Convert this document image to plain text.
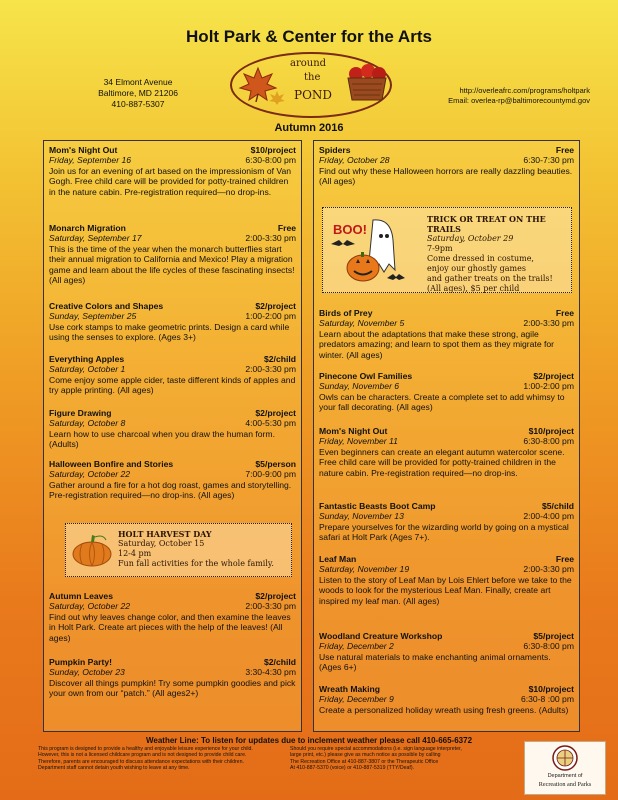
Holt Park & Center for the Arts
34 Elmont Avenue
Baltimore, MD 21206
410-887-5307
around
the
POND	http://overleafrc.com/programs/holtpark
Email: overlea-rp@baltimorecountymd.gov
Autumn 2016
Mom's Night Out	$10/project
Friday, September 16	6:30-8:00 pm
Join us for an evening of art based on the impressionism of Van Gogh. Free child care will be provided for potty-trained children in the nature cabin. Pre-registration required—no drop-ins.
Monarch Migration	Free
Saturday, September 17	2:00-3:30 pm
This is the time of the year when the monarch butterflies start their annual migration to California and Mexico! Play a migration game and learn about the life cycles of these fascinating insects! (All ages)
Creative Colors and Shapes	$2/project
Sunday, September 25	1:00-2:00 pm
Use cork stamps to make geometric prints. Design a card while using the senses to explore. (Ages 3+)
Everything Apples	$2/child
Saturday, October 1	2:00-3:30 pm
Come enjoy some apple cider, taste different kinds of apples and try apple printing. (All ages)
Figure Drawing	$2/project
Saturday, October 8	4:00-5:30 pm
Learn how to use charcoal when you draw the human form. (Adults)
Halloween Bonfire and Stories	$5/person
Saturday, October 22	7:00-9:00 pm
Gather around a fire for a hot dog roast, games and storytelling. Pre-registration required—no drop-ins. (All ages)
HOLT HARVEST DAY
Saturday, October 15
12-4 pm
Fun fall activities for the whole family.
Autumn Leaves	$2/project
Saturday, October 22	2:00-3:30 pm
Find out why leaves change color, and then examine the leaves in Holt Park. Create art pieces with the help of the leaves! (All ages)
Pumpkin Party!	$2/child
Sunday, October 23	3:30-4:30 pm
Discover all things pumpkin! Try some pumpkin goodies and pick your own from our “patch.” (All ages2+)
Spiders	Free
Friday, October 28	6:30-7:30 pm
Find out why these Halloween horrors are really dazzling beauties. (All ages)
BOO!
TRICK OR TREAT ON THE TRAILS
Saturday, October 29
7-9pm
Come dressed in costume,
enjoy our ghostly games
and gather treats on the trails!
(All ages), $5 per child
Birds of Prey	Free
Saturday, November 5	2:00-3:30 pm
Learn about the adaptations that make these strong, agile predators amazing; and learn to spot them as they migrate for winter. (All ages)
Pinecone Owl Families	$2/project
Sunday, November 6	1:00-2:00 pm
Owls can be characters. Create a complete set to add whimsy to your fall decorating. (All ages)
Mom's Night Out	$10/project
Friday, November 11	6:30-8:00 pm
Even beginners can create an elegant autumn watercolor scene. Free child care will be provided for potty-trained children in the nature cabin. Pre-registration required—no drop-ins.
Fantastic Beasts Boot Camp	$5/child
Sunday, November 13	2:00-4:00 pm
Prepare yourselves for the wizarding world by going on a mystical safari at Holt Park (Ages 7+).
Leaf Man	Free
Saturday, November 19	2:00-3:30 pm
Listen to the story of Leaf Man by Lois Ehlert before we take to the woods to look for the mysterious Leaf Man. Finally, create art inspired my leaf man. (All ages)
Woodland Creature Workshop	$5/project
Friday, December 2	6:30-8:00 pm
Use natural materials to make enchanting animal ornaments. (Ages 6+)
Wreath Making	$10/project
Friday, December 9	6:30-8 :00 pm
Create a personalized holiday wreath using fresh greens. (Adults)
Weather Line: To listen for updates due to inclement weather please call 410-665-6372
This program is designed to provide a healthy and enjoyable leisure experience for your child.
However, this is not a licensed childcare program and is not designed to provide child care.
Therefore, parents are encouraged to discuss attendance expectations with their children.
Department staff cannot detain youth wishing to leave at any time.
Should you require special accommodations (i.e. sign language interpreter,
large print, etc.) please give as much notice as possible by calling
The Recreation Office at 410-887-3807 or the Therapeutic Office
At 410-887-5370 (voice) or 410-887-5319 (TTY/Deaf).
Department of
Recreation and Parks
